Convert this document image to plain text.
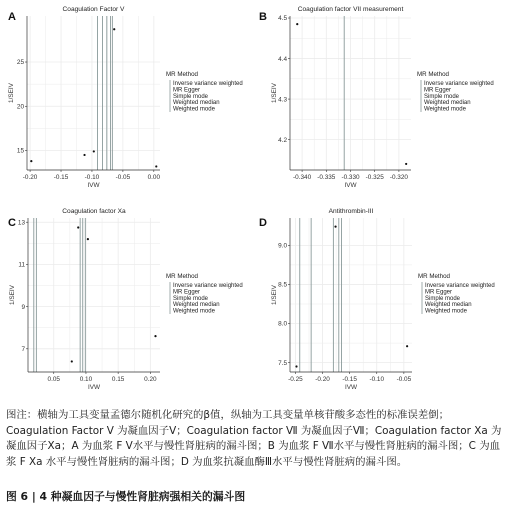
A
Coagulation Factor V
-0.20	-0.15	-0.10	-0.05	0.00
15
20
25
IVW
1/SEIV
MR Method
Inverse variance weighted
MR Egger
Simple mode
Weighted median
Weighted mode
B
Coagulation factor VII measurement
-0.340 -0.335 -0.330 -0.325 -0.320
4.2
4.3
4.4
4.5
IVW
1/SEIV
MR Method
Inverse variance weighted
MR Egger
Simple mode
Weighted median
Weighted mode
C
Coagulation factor Xa
0.05	0.10	0.15	0.20
7
9
11
13
IVW
1/SEIV
MR Method
Inverse variance weighted
MR Egger
Simple mode
Weighted median
Weighted mode
D
Antithrombin-III
-0.25 -0.20 -0.15 -0.10 -0.05
7.5
8.0
8.5
9.0
IVW
1/SEIV
MR Method
Inverse variance weighted
MR Egger
Simple mode
Weighted median
Weighted mode

图注：横轴为工具变量孟德尔随机化研究的β值，纵轴为工具变量单核苷酸多态性的标准误差倒；Coagulation Factor V 为凝血因子Ⅴ；Coagulation factor Ⅶ 为凝血因子Ⅶ；Coagulation factor Xa 为凝血因子Ⅹa；A 为血浆 F Ⅴ水平与慢性肾脏病的漏斗图；B 为血浆 F Ⅶ水平与慢性肾脏病的漏斗图；C 为血浆 F Ⅹa 水平与慢性肾脏病的漏斗图；D 为血浆抗凝血酶Ⅲ水平与慢性肾脏病的漏斗图。

图 6 | 4 种凝血因子与慢性肾脏病强相关的漏斗图
